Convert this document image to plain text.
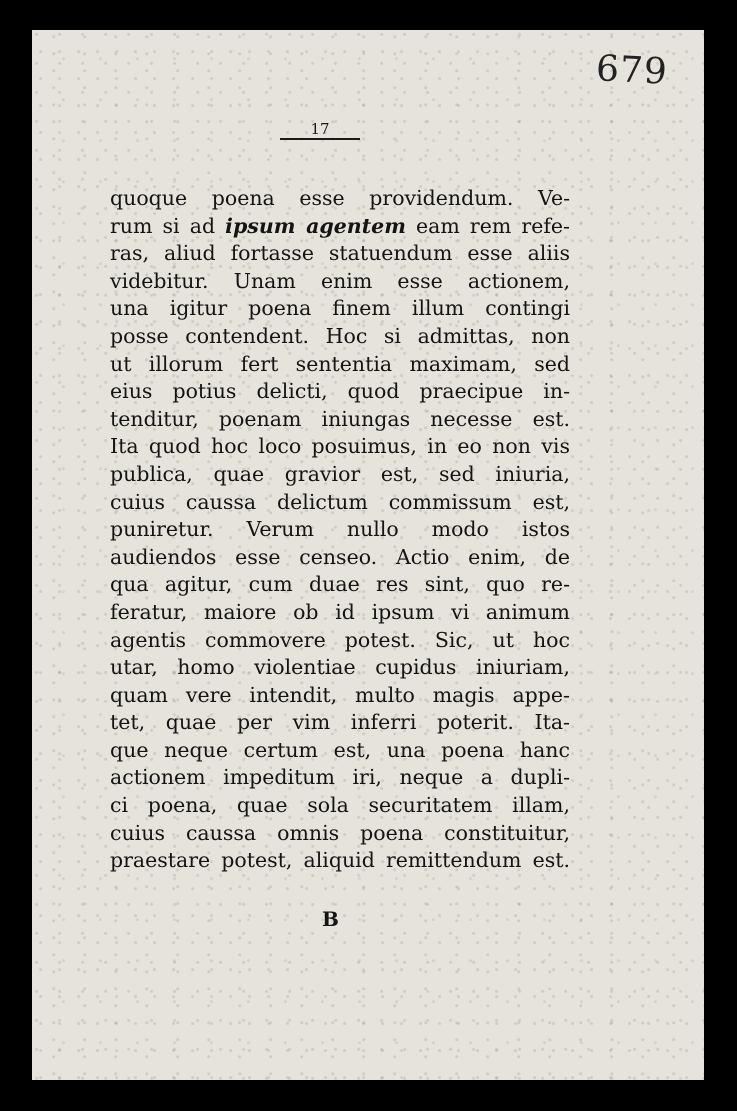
679
17
quoque poena esse providendum. Ve-
rum si ad ipsum agentem eam rem refe-
ras, aliud fortasse statuendum esse aliis
videbitur. Unam enim esse actionem,
una igitur poena finem illum contingi
posse contendent. Hoc si admittas, non
ut illorum fert sententia maximam, sed
eius potius delicti, quod praecipue in-
tenditur, poenam iniungas necesse est.
Ita quod hoc loco posuimus, in eo non vis
publica, quae gravior est, sed iniuria,
cuius caussa delictum commissum est,
puniretur. Verum nullo modo istos
audiendos esse censeo. Actio enim, de
qua agitur, cum duae res sint, quo re-
feratur, maiore ob id ipsum vi animum
agentis commovere potest. Sic, ut hoc
utar, homo violentiae cupidus iniuriam,
quam vere intendit, multo magis appe-
tet, quae per vim inferri poterit. Ita-
que neque certum est, una poena hanc
actionem impeditum iri, neque a dupli-
ci poena, quae sola securitatem illam,
cuius caussa omnis poena constituitur,
praestare potest, aliquid remittendum est.
B
